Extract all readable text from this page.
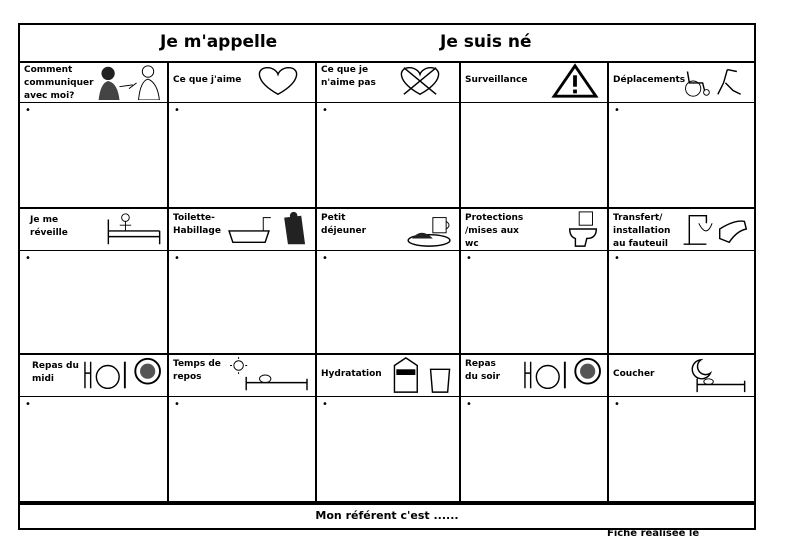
Je m'appelle	Je suis né
Comment communiquer avec moi?
•
Ce que j'aime
•
Ce que je n'aime pas
•
Surveillance	Déplacements
•
Je me réveille
•
Toilette-Habillage
•
Petit déjeuner
•
Protections /mises aux wc
•
Transfert/ installation au fauteuil
•
Repas du midi
•
Temps de repos
•
Hydratation
•
Repas du soir
•
Coucher
•
Mon référent c'est ......
Fiche réalisée le
